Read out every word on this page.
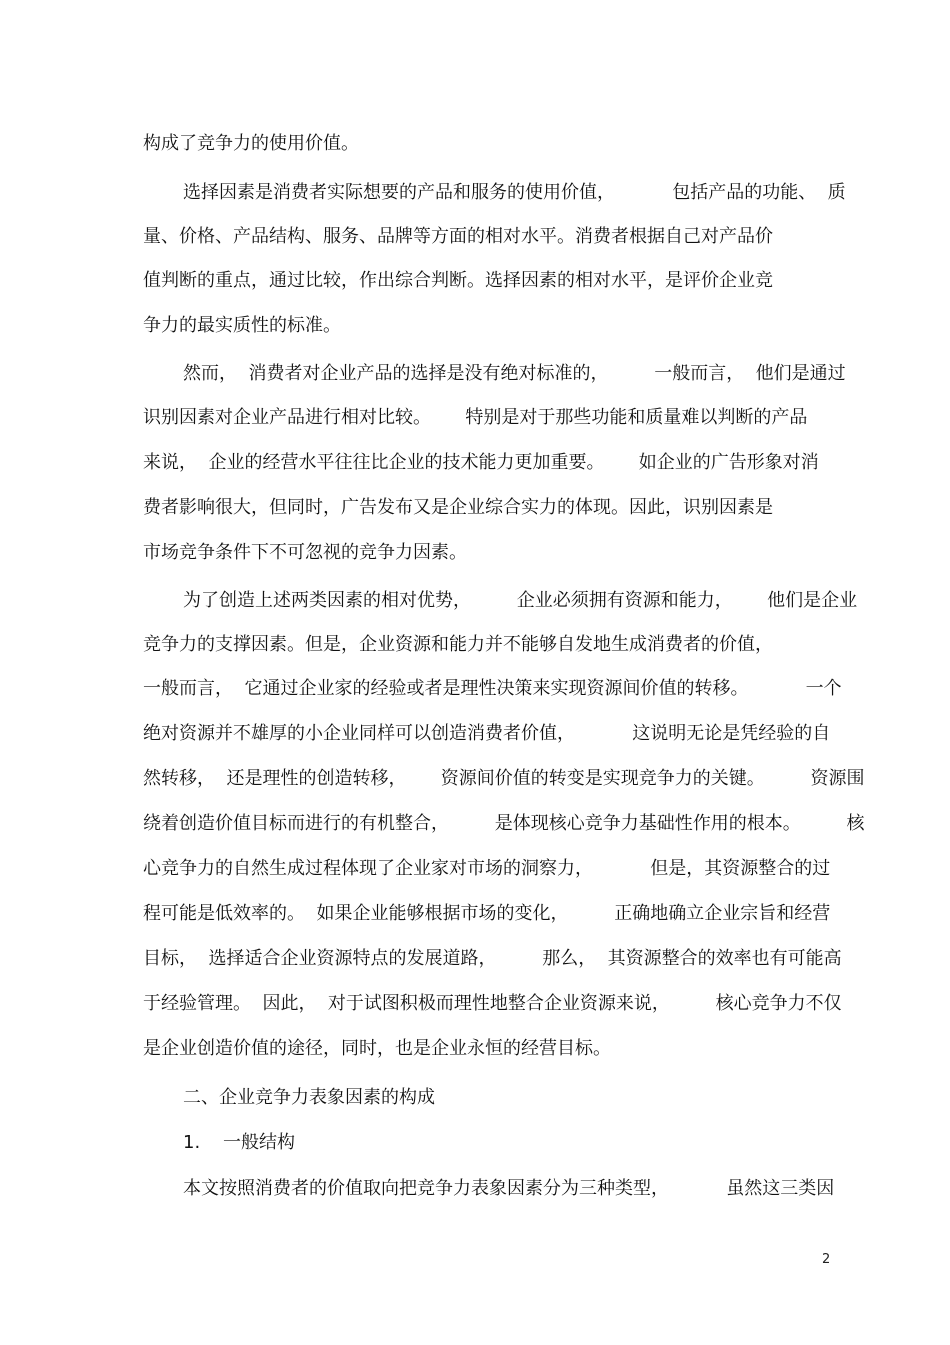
构成了竞争力的使用价值。
选择因素是消费者实际想要的产品和服务的使用价值，          包括产品的功能、  质
量、价格、产品结构、服务、品牌等方面的相对水平。消费者根据自己对产品价
值判断的重点，通过比较，作出综合判断。选择因素的相对水平，是评价企业竞
争力的最实质性的标准。
然而，  消费者对企业产品的选择是没有绝对标准的，        一般而言，  他们是通过
识别因素对企业产品进行相对比较。      特别是对于那些功能和质量难以判断的产品
来说，  企业的经营水平往往比企业的技术能力更加重要。      如企业的广告形象对消
费者影响很大，但同时，广告发布又是企业综合实力的体现。因此，识别因素是
市场竞争条件下不可忽视的竞争力因素。
为了创造上述两类因素的相对优势，        企业必须拥有资源和能力，      他们是企业
竞争力的支撑因素。但是，企业资源和能力并不能够自发地生成消费者的价值，
一般而言，  它通过企业家的经验或者是理性决策来实现资源间价值的转移。          一个
绝对资源并不雄厚的小企业同样可以创造消费者价值，          这说明无论是凭经验的自
然转移，  还是理性的创造转移，      资源间价值的转变是实现竞争力的关键。        资源围
绕着创造价值目标而进行的有机整合，        是体现核心竞争力基础性作用的根本。        核
心竞争力的自然生成过程体现了企业家对市场的洞察力，          但是，其资源整合的过
程可能是低效率的。  如果企业能够根据市场的变化，        正确地确立企业宗旨和经营
目标，  选择适合企业资源特点的发展道路，        那么，  其资源整合的效率也有可能高
于经验管理。  因此，  对于试图积极而理性地整合企业资源来说，        核心竞争力不仅
是企业创造价值的途径，同时，也是企业永恒的经营目标。
二、企业竞争力表象因素的构成
1.    一般结构
本文按照消费者的价值取向把竞争力表象因素分为三种类型，          虽然这三类因
2
